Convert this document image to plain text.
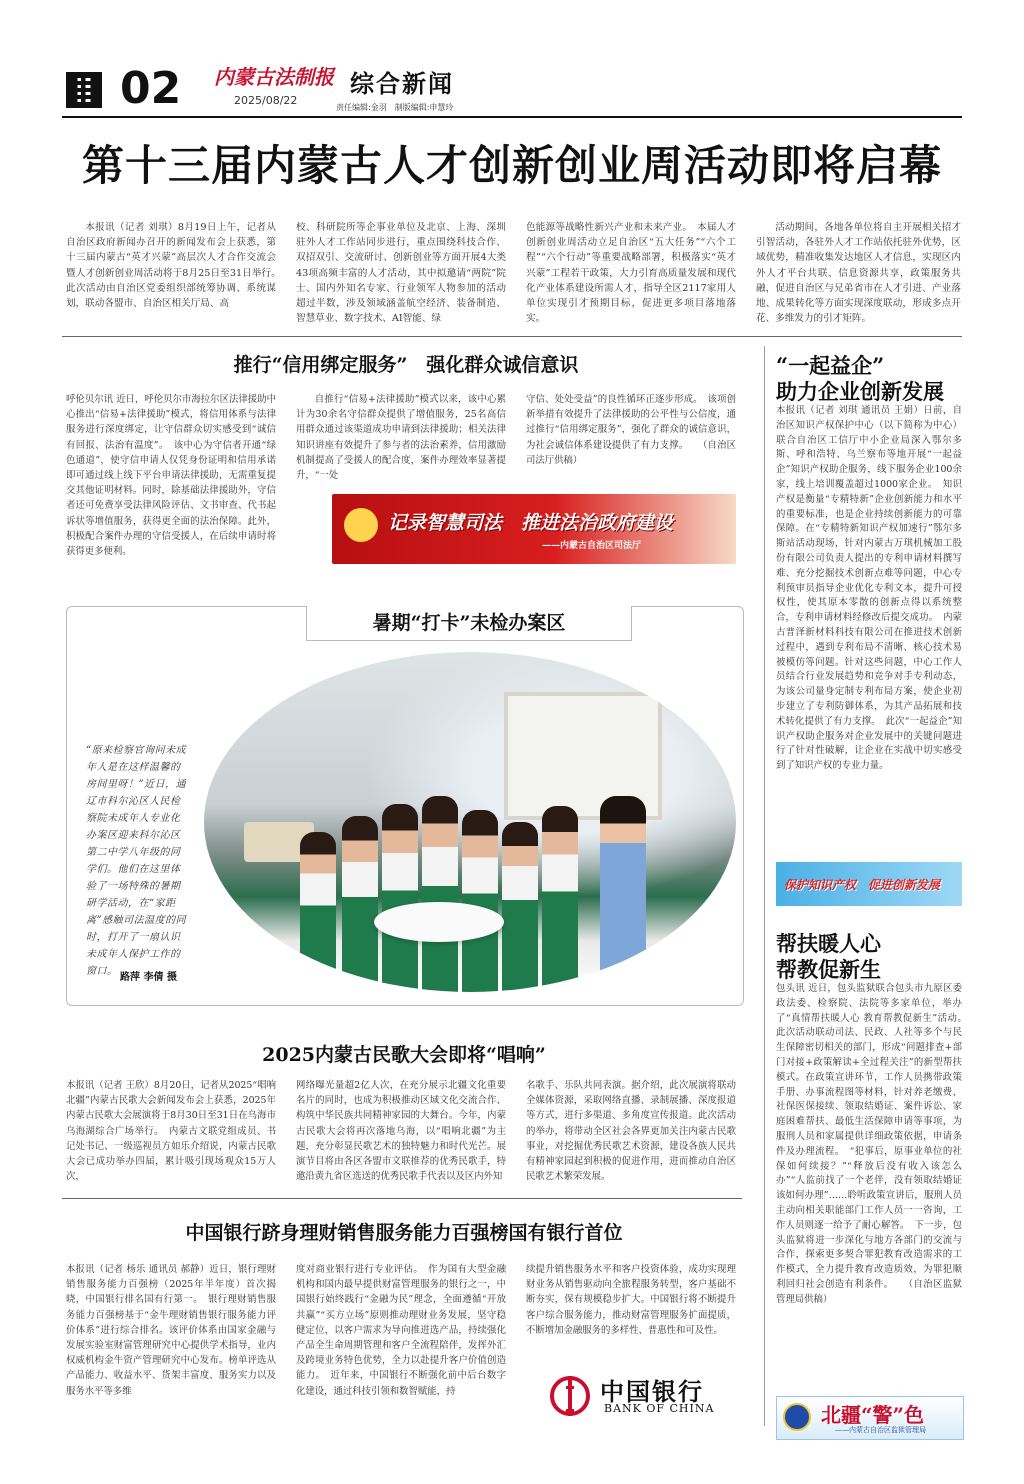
02 内蒙古法制报
2025/08/22
综合新闻
责任编辑:金羽　制版编辑:申慧玲
第十三届内蒙古人才创新创业周活动即将启幕

本报讯（记者 刘琪）8月19日上午，记者从自治区政府新闻办召开的新闻发布会上获悉，第十三届内蒙古“英才兴蒙”高层次人才合作交流会暨人才创新创业周活动将于8月25日至31日举行。　此次活动由自治区党委组织部统筹协调、系统谋划，联动各盟市、自治区相关厅局、高

校、科研院所等企事业单位及北京、上海、深圳驻外人才工作站同步进行，重点围绕科技合作、双招双引、交流研讨、创新创业等方面开展4大类43项高频丰富的人才活动，其中拟邀请“两院”院士、国内外知名专家、行业领军人物参加的活动超过半数，涉及领域涵盖航空经济、装备制造、智慧草业、数字技术、AI智能、绿

色能源等战略性新兴产业和未来产业。　本届人才创新创业周活动立足自治区“五大任务”“六个工程”“六个行动”等重要战略部署，积极落实“英才兴蒙”工程若干政策，大力引育高质量发展和现代化产业体系建设所需人才，指导全区2117家用人单位实现引才预期目标，促进更多项目落地落实。

活动期间，各地各单位将自主开展相关招才引智活动，各驻外人才工作站依托驻外优势，区域优势，精准收集发达地区人才信息，实现区内外人才平台共联、信息资源共享，政策服务共融，促进自治区与兄弟省市在人才引进、产业落地、成果转化等方面实现深度联动，形成多点开花、多维发力的引才矩阵。

推行“信用绑定服务”　强化群众诚信意识

呼伦贝尔讯 近日，呼伦贝尔市海拉尔区法律援助中心推出“信易+法律援助”模式，将信用体系与法律服务进行深度绑定，让守信群众切实感受到“诚信有回报、法治有温度”。　该中心为守信者开通“绿色通道”，使守信申请人仅凭身份证明和信用承诺即可通过线上线下平台申请法律援助，无需重复提交其他证明材料。同时，除基础法律援助外，守信者还可免费享受法律风险评估、文书审查、代书起诉状等增值服务，获得更全面的法治保障。此外，积极配合案件办理的守信受援人，在后续申请时将获得更多便利。

自推行“信易+法律援助”模式以来，该中心累计为30余名守信群众提供了增值服务，25名高信用群众通过该渠道成功申请到法律援助；相关法律知识讲座有效提升了参与者的法治素养，信用激励机制提高了受援人的配合度，案件办理效率显著提升，“一处

守信、处处受益”的良性循环正逐步形成。　该项创新举措有效提升了法律援助的公平性与公信度，通过推行“信用绑定服务”，强化了群众的诚信意识，为社会诚信体系建设提供了有力支撑。　　（自治区司法厅供稿）

记录智慧司法　推进法治政府建设
——内蒙古自治区司法厅
暑期“打卡”未检办案区
“原来检察官询问未成年人是在这样温馨的房间里呀！”近日，通辽市科尔沁区人民检察院未成年人专业化办案区迎来科尔沁区第二中学八年级的同学们。他们在这里体验了一场特殊的暑期研学活动，在“家距离”感触司法温度的同时，打开了一扇认识未成年人保护工作的窗口。
路萍 李倩 摄
2025内蒙古民歌大会即将“唱响”

本报讯（记者 王欣）8月20日，记者从2025“唱响北疆”内蒙古民歌大会新闻发布会上获悉，2025年内蒙古民歌大会展演将于8月30日至31日在乌海市乌海湖综合广场举行。　内蒙古文联党组成员、书记处书记、一级巡视员方如乐介绍说，内蒙古民歌大会已成功举办四届，累计吸引现场观众15万人次，

网络曝光量超2亿人次，在充分展示北疆文化重要名片的同时，也成为积极推动区域文化交流合作、构筑中华民族共同精神家园的大舞台。今年，内蒙古民歌大会将再次落地乌海，以“唱响北疆”为主题，充分彰显民歌艺术的独特魅力和时代光芒。展演节目将由各区各盟市文联推荐的优秀民歌手，特邀沿黄九省区选送的优秀民歌手代表以及区内外知

名歌手、乐队共同表演。据介绍，此次展演将联动全媒体资源，采取网络直播、录制展播、深度报道等方式，进行多渠道、多角度宣传报道。此次活动的举办，将带动全区社会各界更加关注内蒙古民歌事业，对挖掘优秀民歌艺术资源，建设各族人民共有精神家园起到积极的促进作用，进而推动自治区民歌艺术繁荣发展。

中国银行跻身理财销售服务能力百强榜国有银行首位

本报讯（记者 杨乐 通讯员 郝静）近日，银行理财销售服务能力百强榜（2025年半年度）首次揭晓，中国银行排名国有行第一。　银行理财销售服务能力百强榜基于“金牛理财销售银行服务能力评价体系”进行综合排名。该评价体系由国家金融与发展实验室财富管理研究中心提供学术指导，业内权威机构金牛资产管理研究中心发布。榜单评选从产品能力、收益水平、货架丰富度、服务实力以及服务水平等多维

度对商业银行进行专业评估。　作为国有大型金融机构和国内最早提供财富管理服务的银行之一，中国银行始终践行“金融为民”理念，全面遵循“开放共赢”“买方立场”原则推动理财业务发展，坚守稳健定位，以客户需求为导向推进选产品，持续强化产品全生命周期管理和客户全流程陪伴，发挥外汇及跨境业务特色优势，全力以赴提升客户价值创造能力。　近年来，中国银行不断强化前中后台数字化建设，通过科技引领和数智赋能，持

续提升销售服务水平和客户投资体验，成功实现理财业务从销售驱动向全旅程服务转型，客户基础不断夯实，保有规模稳步扩大。中国银行将不断提升客户综合服务能力，推动财富管理服务扩面提质，不断增加金融服务的多样性、普惠性和可及性。

中国银行
BANK OF CHINA
“一起益企”
助力企业创新发展

本报讯（记者 刘琪 通讯员 王娟）日前，自治区知识产权保护中心（以下简称为中心）联合自治区工信厅中小企业局深入鄂尔多斯、呼和浩特、乌兰察布等地开展“一起益企”知识产权助企服务，线下服务企业100余家，线上培训覆盖超过1000家企业。　知识产权是衡量“专精特新”企业创新能力和水平的重要标准，也是企业持续创新能力的可靠保障。在“专精特新知识产权加速行”鄂尔多斯站活动现场，针对内蒙古万琪机械加工股份有限公司负责人提出的专利申请材料撰写难、充分挖掘技术创新点难等问题，中心专利预审员指导企业优化专利文本，提升可授权性，使其原本零散的创新点得以系统整合，专利申请材料经修改后提交成功。　内蒙古普泽新材料科技有限公司在推进技术创新过程中，遇到专利布局不清晰、核心技术易被模仿等问题。针对这些问题，中心工作人员结合行业发展趋势和竞争对手专利动态，为该公司量身定制专利布局方案，使企业初步建立了专利防御体系，为其产品拓展和技术转化提供了有力支撑。　此次“一起益企”知识产权助企服务对企业发展中的关键问题进行了针对性破解，让企业在实战中切实感受到了知识产权的专业力量。

保护知识产权　促进创新发展
帮扶暖人心
帮教促新生

包头讯 近日，包头监狱联合包头市九原区委政法委、检察院、法院等多家单位，举办了“真情帮扶暖人心 教育帮教促新生”活动。　此次活动联动司法、民政、人社等多个与民生保障密切相关的部门，形成“问题排查+部门对接+政策解读+全过程关注”的新型帮扶模式。在政策宣讲环节，工作人员携带政策手册、办事流程图等材料，针对养老缴费、社保医保接续、领取结婚证、案件诉讼、家庭困难帮扶、最低生活保障申请等事项，为服刑人员和家属提供详细政策依据，申请条件及办理流程。　“犯事后，原事业单位的社保如何续接？”“释放后没有收入该怎么办”“人监前找了一个老伴，没有领取结婚证该如何办理”……聆听政策宣讲后，服刑人员主动向相关职能部门工作人员一一咨询，工作人员则逐一给予了耐心解答。　下一步，包头监狱将进一步深化与地方各部门的交流与合作，探索更多契合罪犯教育改造需求的工作模式，全力提升教育改造质效，为罪犯顺利回归社会创造有利条件。　　（自治区监狱管理局供稿）

北疆“警”色
——内蒙古自治区监狱管理局
